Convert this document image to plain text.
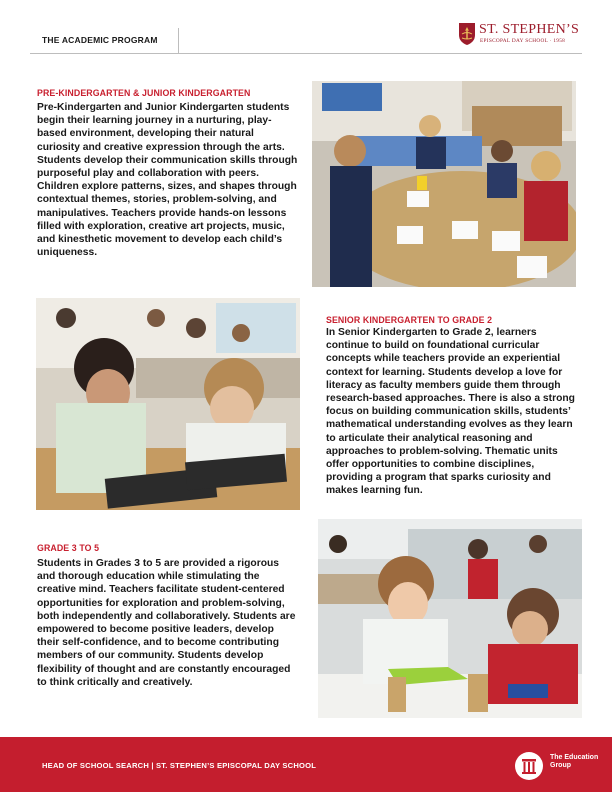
THE ACADEMIC PROGRAM
ST. STEPHEN’S
EPISCOPAL DAY SCHOOL · 1958
PRE-KINDERGARTEN & JUNIOR KINDERGARTEN
Pre-Kindergarten and Junior Kindergarten students begin their learning journey in a nurturing, play-based environment, developing their natural curiosity and creative expression through the arts. Students develop their communication skills through purposeful play and collaboration with peers. Children explore patterns, sizes, and shapes through contextual themes, stories, problem-solving, and manipulatives. Teachers provide hands-on lessons filled with exploration, creative art projects, music, and kinesthetic movement to develop each child’s uniqueness.
SENIOR KINDERGARTEN TO GRADE 2
In Senior Kindergarten to Grade 2, learners continue to build on foundational curricular concepts while teachers provide an experiential context for learning. Students develop a love for literacy as faculty members guide them through research-based approaches. There is also a strong focus on building communication skills, students’ mathematical understanding evolves as they learn to articulate their analytical reasoning and approaches to problem-solving. Thematic units offer opportunities to combine disciplines, providing a program that sparks curiosity and makes learning fun.
GRADE 3 TO 5
Students in Grades 3 to 5 are provided a rigorous and thorough education while stimulating the creative mind. Teachers facilitate student-centered opportunities for exploration and problem-solving, both independently and collaboratively. Students are empowered to become positive leaders, develop their self-confidence, and to become contributing members of our community. Students develop flexibility of thought and are constantly encouraged to think critically and creatively.
HEAD OF SCHOOL SEARCH | ST. STEPHEN’S EPISCOPAL DAY SCHOOL
The Education Group
